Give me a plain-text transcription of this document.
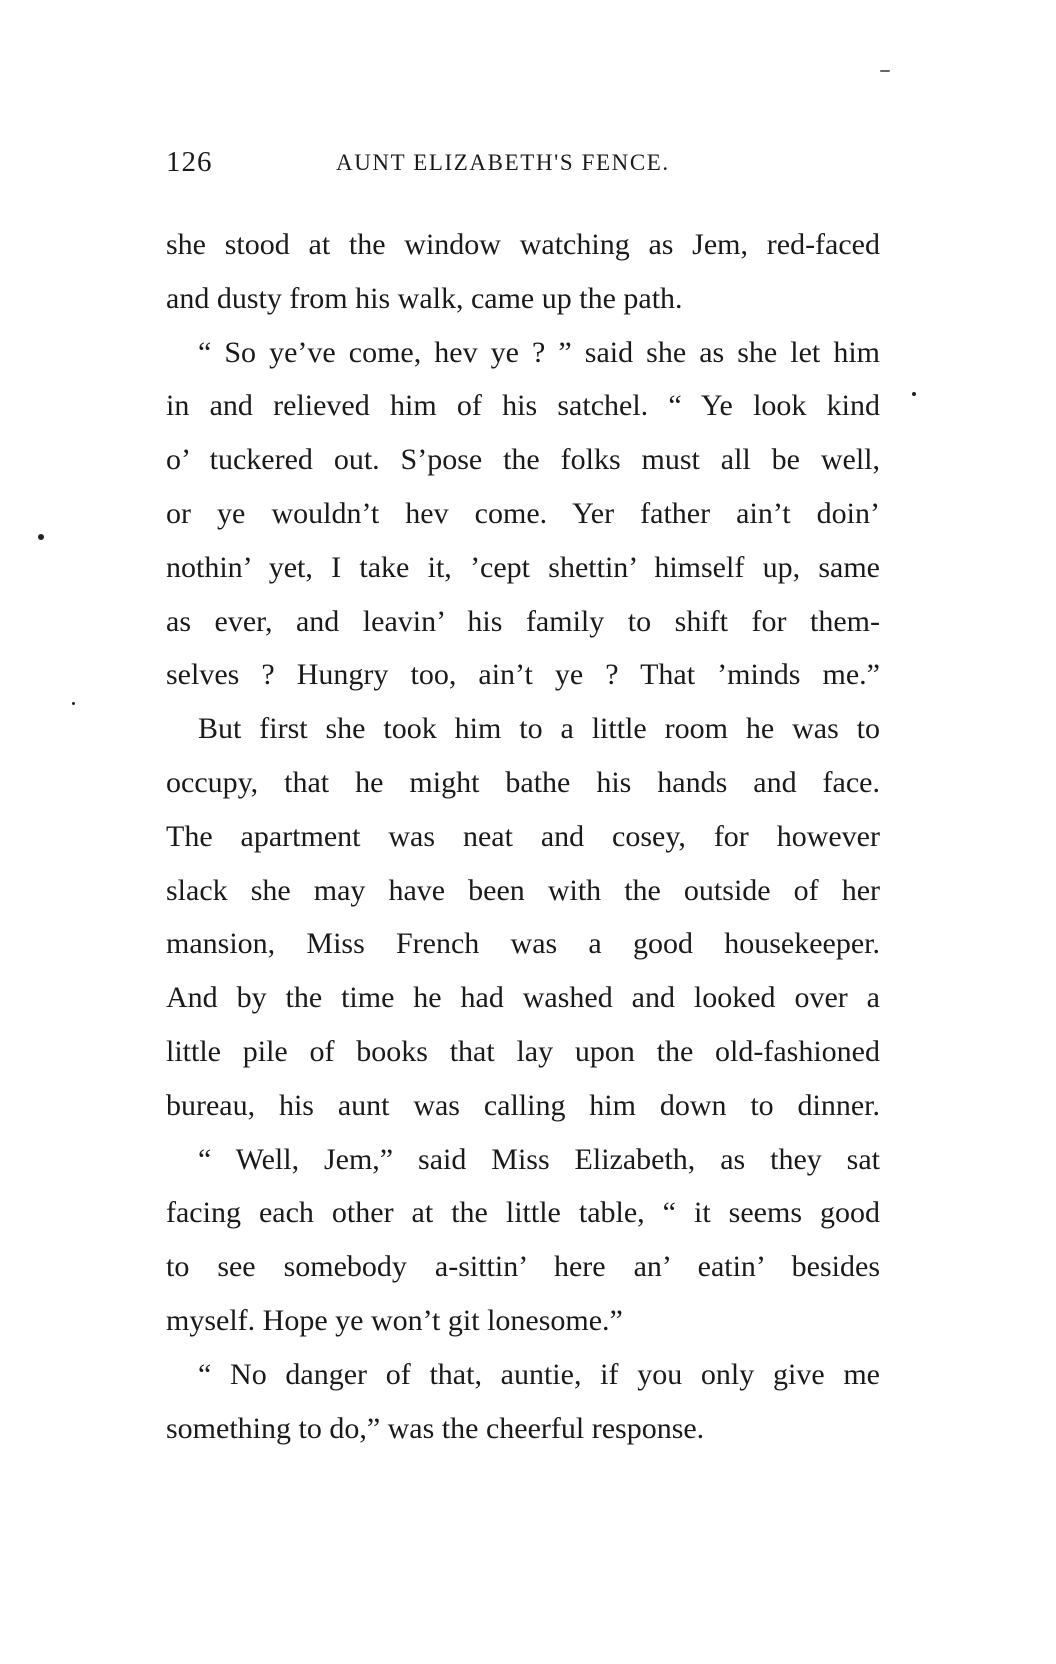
126	AUNT ELIZABETH'S FENCE.
she stood at the window watching as Jem, red-faced
and dusty from his walk, came up the path.
“ So ye’ve come, hev ye ? ” said she as she let him
in and relieved him of his satchel. “ Ye look kind
o’ tuckered out. S’pose the folks must all be well,
or ye wouldn’t hev come. Yer father ain’t doin’
nothin’ yet, I take it, ’cept shettin’ himself up, same
as ever, and leavin’ his family to shift for them-
selves ? Hungry too, ain’t ye ? That ’minds me.”
But first she took him to a little room he was to
occupy, that he might bathe his hands and face.
The apartment was neat and cosey, for however
slack she may have been with the outside of her
mansion, Miss French was a good housekeeper.
And by the time he had washed and looked over a
little pile of books that lay upon the old-fashioned
bureau, his aunt was calling him down to dinner.
“ Well, Jem,” said Miss Elizabeth, as they sat
facing each other at the little table, “ it seems good
to see somebody a-sittin’ here an’ eatin’ besides
myself. Hope ye won’t git lonesome.”
“ No danger of that, auntie, if you only give me
something to do,” was the cheerful response.
